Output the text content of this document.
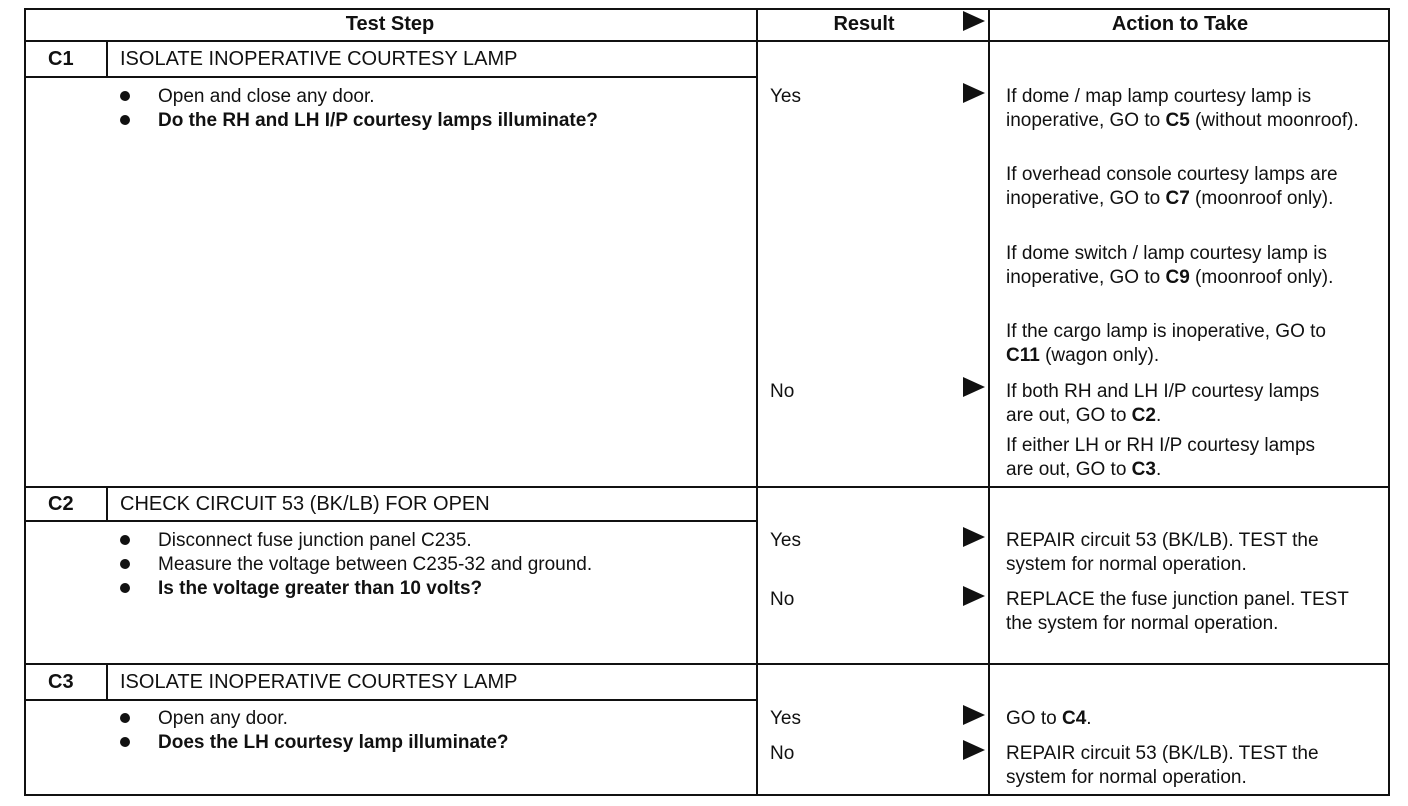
Test Step	Result	Action to Take
C1 ISOLATE INOPERATIVE COURTESY LAMP
Open and close any door.
Do the RH and LH I/P courtesy lamps illuminate?
Yes	If dome / map lamp courtesy lamp is inoperative, GO to C5 (without moonroof).
If overhead console courtesy lamps are inoperative, GO to C7 (moonroof only).
If dome switch / lamp courtesy lamp is inoperative, GO to C9 (moonroof only).
If the cargo lamp is inoperative, GO to C11 (wagon only).
No	If both RH and LH I/P courtesy lamps are out, GO to C2.
If either LH or RH I/P courtesy lamps are out, GO to C3.
C2 CHECK CIRCUIT 53 (BK/LB) FOR OPEN
Disconnect fuse junction panel C235.
Measure the voltage between C235-32 and ground.
Is the voltage greater than 10 volts?
Yes	REPAIR circuit 53 (BK/LB). TEST the system for normal operation.
No	REPLACE the fuse junction panel. TEST the system for normal operation.
C3 ISOLATE INOPERATIVE COURTESY LAMP
Open any door.
Does the LH courtesy lamp illuminate?
Yes	GO to C4.
No	REPAIR circuit 53 (BK/LB). TEST the system for normal operation.
